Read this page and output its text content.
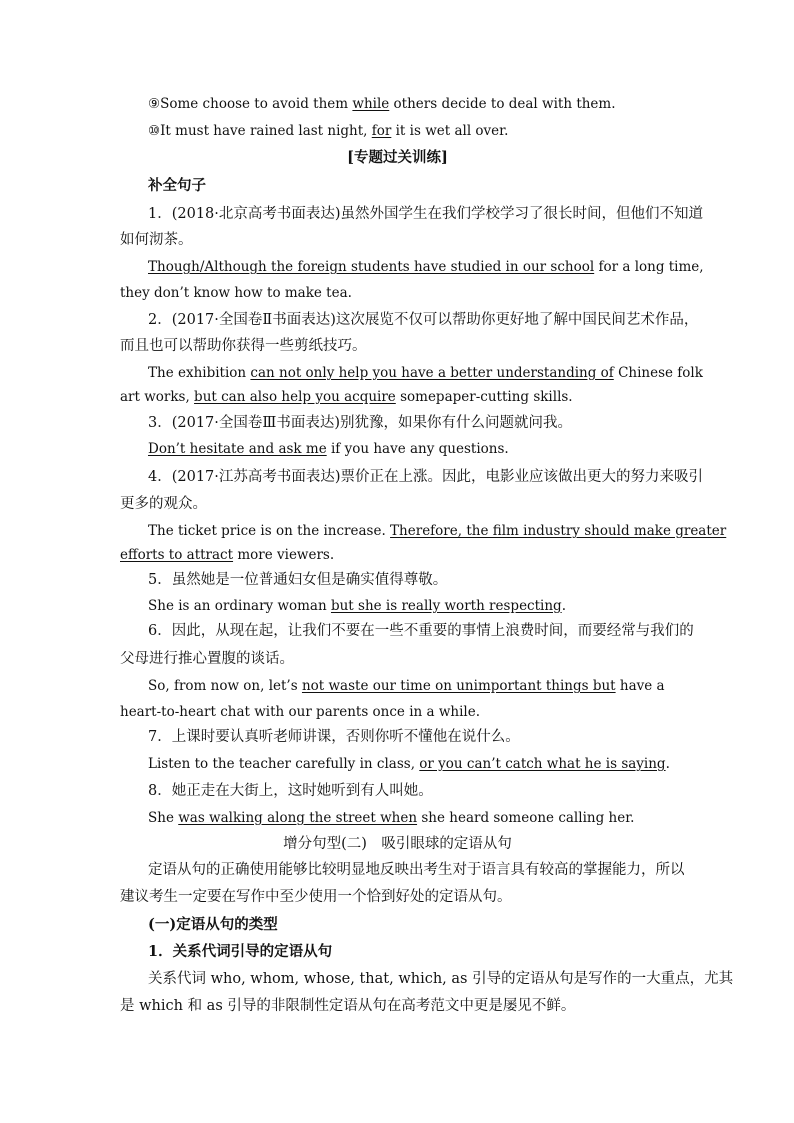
⑨Some choose to avoid them while others decide to deal with them.
⑩It must have rained last night, for it is wet all over.
[专题过关训练]
补全句子
1．(2018·北京高考书面表达)虽然外国学生在我们学校学习了很长时间，但他们不知道
如何沏茶。
Though/Although the foreign students have studied in our school for a long time,
they don’t know how to make tea.
2．(2017·全国卷Ⅱ书面表达)这次展览不仅可以帮助你更好地了解中国民间艺术作品，
而且也可以帮助你获得一些剪纸技巧。
The exhibition can not only help you have a better understanding of Chinese folk
art works, but can also help you acquire somepaper-cutting skills.
3．(2017·全国卷Ⅲ书面表达)别犹豫，如果你有什么问题就问我。
Don’t hesitate and ask me if you have any questions.
4．(2017·江苏高考书面表达)票价正在上涨。因此，电影业应该做出更大的努力来吸引
更多的观众。
The ticket price is on the increase. Therefore, the film industry should make greater
efforts to attract more viewers.
5．虽然她是一位普通妇女但是确实值得尊敬。
She is an ordinary woman but she is really worth respecting.
6．因此，从现在起，让我们不要在一些不重要的事情上浪费时间，而要经常与我们的
父母进行推心置腹的谈话。
So, from now on, let’s not waste our time on unimportant things but have a
heart-to-heart chat with our parents once in a while.
7．上课时要认真听老师讲课，否则你听不懂他在说什么。
Listen to the teacher carefully in class, or you can’t catch what he is saying.
8．她正走在大街上，这时她听到有人叫她。
She was walking along the street when she heard someone calling her.
增分句型(二)　吸引眼球的定语从句
定语从句的正确使用能够比较明显地反映出考生对于语言具有较高的掌握能力，所以
建议考生一定要在写作中至少使用一个恰到好处的定语从句。
(一)定语从句的类型
1．关系代词引导的定语从句
关系代词 who, whom, whose, that, which, as 引导的定语从句是写作的一大重点，尤其
是 which 和 as 引导的非限制性定语从句在高考范文中更是屡见不鲜。
